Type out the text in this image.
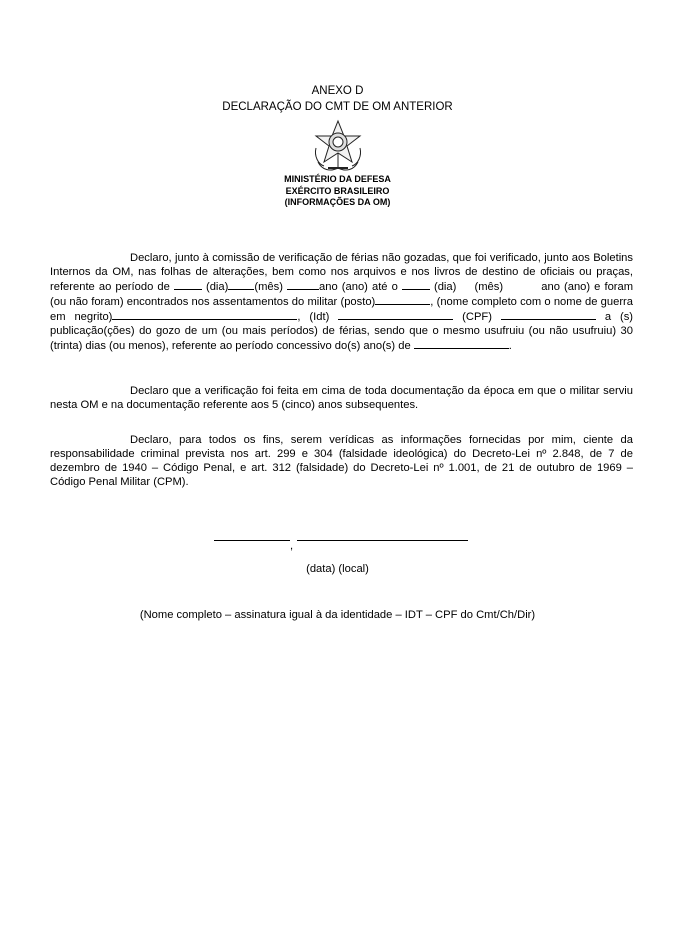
ANEXO D
DECLARAÇÃO DO CMT DE OM ANTERIOR
MINISTÉRIO DA DEFESA
EXÉRCITO BRASILEIRO
(INFORMAÇÕES DA OM)
Declaro, junto à comissão de verificação de férias não gozadas, que foi verificado, junto aos Boletins Internos da OM, nas folhas de alterações, bem como nos arquivos e nos livros de destino de oficiais ou praças, referente ao período de	(dia) (mês)	ano (ano) até o	(dia) (mês)	ano (ano) e foram (ou não foram) encontrados nos assentamentos do militar (posto)	, (nome completo com o nome de guerra em negrito)	, (Idt)	(CPF)	a (s) publicação(ções) do gozo de um (ou mais períodos) de férias, sendo que o mesmo usufruiu (ou não usufruiu) 30 (trinta) dias (ou menos), referente ao período concessivo do(s) ano(s) de	.
Declaro que a verificação foi feita em cima de toda documentação da época em que o militar serviu nesta OM e na documentação referente aos 5 (cinco) anos subsequentes.
Declaro, para todos os fins, serem verídicas as informações fornecidas por mim, ciente da responsabilidade criminal prevista nos art. 299 e 304 (falsidade ideológica) do Decreto-Lei nº 2.848, de 7 de dezembro de 1940 – Código Penal, e art. 312 (falsidade) do Decreto-Lei nº 1.001, de 21 de outubro de 1969 – Código Penal Militar (CPM).
,
(data) (local)
(Nome completo – assinatura igual à da identidade – IDT – CPF do Cmt/Ch/Dir)
